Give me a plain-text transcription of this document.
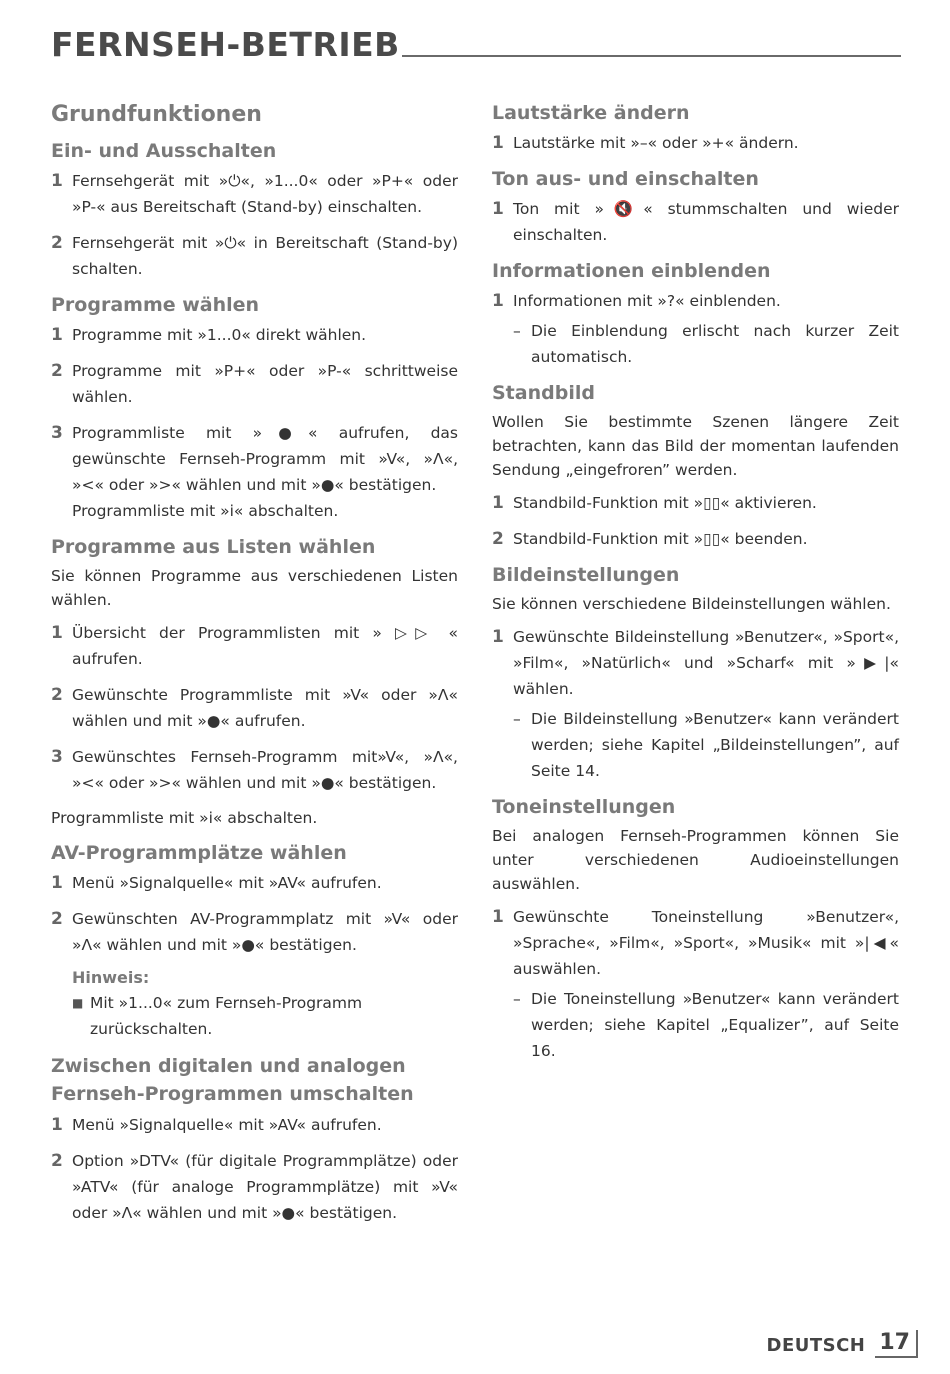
FERNSEH-BETRIEB
Grundfunktionen
Ein- und Ausschalten
1 Fernsehgerät mit »⏻«, »1...0« oder »P+« oder »P-« aus Bereitschaft (Stand-by) einschalten.
2 Fernsehgerät mit »⏻« in Bereitschaft (Stand-by) schalten.
Programme wählen
1 Programme mit »1...0« direkt wählen.
2 Programme mit »P+« oder »P-« schrittweise wählen.
3 Programmliste mit »●« aufrufen, das gewünschte Fernseh-Programm mit »V«, »Λ«, »<« oder »>« wählen und mit »●« bestätigen.
Programmliste mit »i« abschalten.
Programme aus Listen wählen

Sie können Programme aus verschiedenen Listen wählen.

1 Übersicht der Programmlisten mit » ▷▷ « aufrufen.
2 Gewünschte Programmliste mit »V« oder »Λ« wählen und mit »●« aufrufen.
3 Gewünschtes Fernseh-Programm mit»V«, »Λ«, »<« oder »>« wählen und mit »●« bestätigen.

Programmliste mit »i« abschalten.

AV-Programmplätze wählen
1 Menü »Signalquelle« mit »AV« aufrufen.
2 Gewünschten AV-Programmplatz mit »V« oder »Λ« wählen und mit »●« bestätigen.
Hinweis:
■ Mit »1...0« zum Fernseh-Programm zurückschalten.
Zwischen digitalen und analogen Fernseh-Programmen umschalten
1 Menü »Signalquelle« mit »AV« aufrufen.
2 Option »DTV« (für digitale Programmplätze) oder »ATV« (für analoge Programmplätze) mit »V« oder »Λ« wählen und mit »●« bestätigen.
Lautstärke ändern
1 Lautstärke mit »–« oder »+« ändern.
Ton aus- und einschalten
1 Ton mit »🔇« stummschalten und wieder einschalten.
Informationen einblenden
1 Informationen mit »?« einblenden.
– Die Einblendung erlischt nach kurzer Zeit automatisch.
Standbild

Wollen Sie bestimmte Szenen längere Zeit betrachten, kann das Bild der momentan laufenden Sendung „eingefroren” werden.

1 Standbild-Funktion mit »▯▯« aktivieren.
2 Standbild-Funktion mit »▯▯« beenden.
Bildeinstellungen

Sie können verschiedene Bildeinstellungen wählen.

1 Gewünschte Bildeinstellung »Benutzer«, »Sport«, »Film«, »Natürlich« und »Scharf« mit »▶|« wählen.
– Die Bildeinstellung »Benutzer« kann verändert werden; siehe Kapitel „Bildeinstellungen”, auf Seite 14.
Toneinstellungen

Bei analogen Fernseh-Programmen können Sie unter verschiedenen Audioeinstellungen auswählen.

1 Gewünschte Toneinstellung »Benutzer«, »Sprache«, »Film«, »Sport«, »Musik« mit »|◀« auswählen.
– Die Toneinstellung »Benutzer« kann verändert werden; siehe Kapitel „Equalizer”, auf Seite 16.
DEUTSCH 17
